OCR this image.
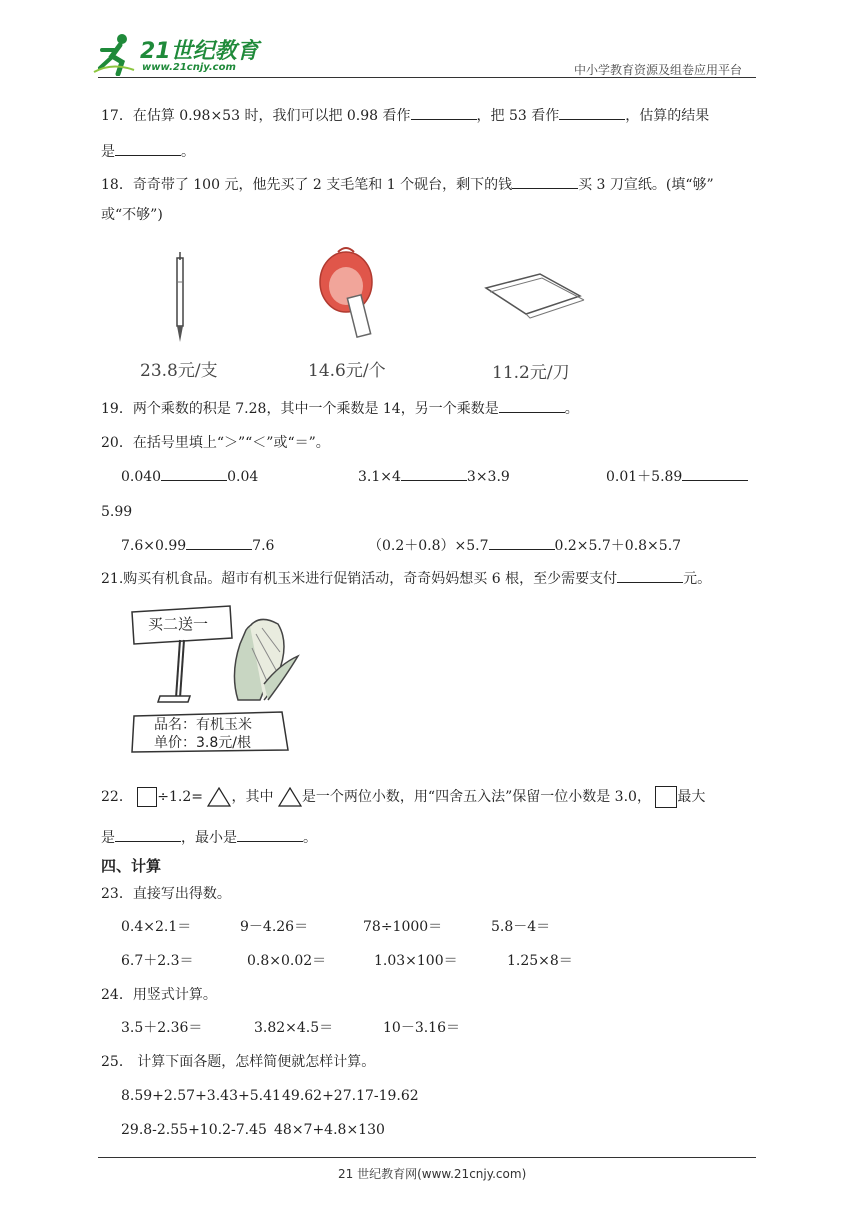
21世纪教育
www.21cnjy.com	中小学教育资源及组卷应用平台
17．在估算 0.98×53 时，我们可以把 0.98 看作	，把 53 看作	，估算的结果
是	。
18．奇奇带了 100 元，他先买了 2 支毛笔和 1 个砚台，剩下的钱	买 3 刀宣纸。(填“够”
或“不够”)
23.8元/支	14.6元/个	11.2元/刀
19．两个乘数的积是 7.28，其中一个乘数是 14，另一个乘数是	。
20．在括号里填上“＞”“＜”或“＝”。
0.040	0.04	3.1×4	3×3.9	0.01＋5.89
5.99
7.6×0.99	7.6	（0.2＋0.8）×5.7	0.2×5.7＋0.8×5.7
21.购买有机食品。超市有机玉米进行促销活动，奇奇妈妈想买 6 根，至少需要支付	元。
买二送一
品名：有机玉米
单价：3.8元/根
22． ÷1.2= ，其中 是一个两位小数，用“四舍五入法”保留一位小数是 3.0， 最大
是	，最小是	。
四、计算
23．直接写出得数。
0.4×2.1＝	9－4.26＝	78÷1000＝	5.8－4＝
6.7＋2.3＝	0.8×0.02＝	1.03×100＝	1.25×8＝
24．用竖式计算。
3.5＋2.36＝	3.82×4.5＝	10－3.16＝
25． 计算下面各题，怎样简便就怎样计算。
8.59+2.57+3.43+5.41 49.62+27.17-19.62
29.8-2.55+10.2-7.45 48×7+4.8×130
21 世纪教育网(www.21cnjy.com)
